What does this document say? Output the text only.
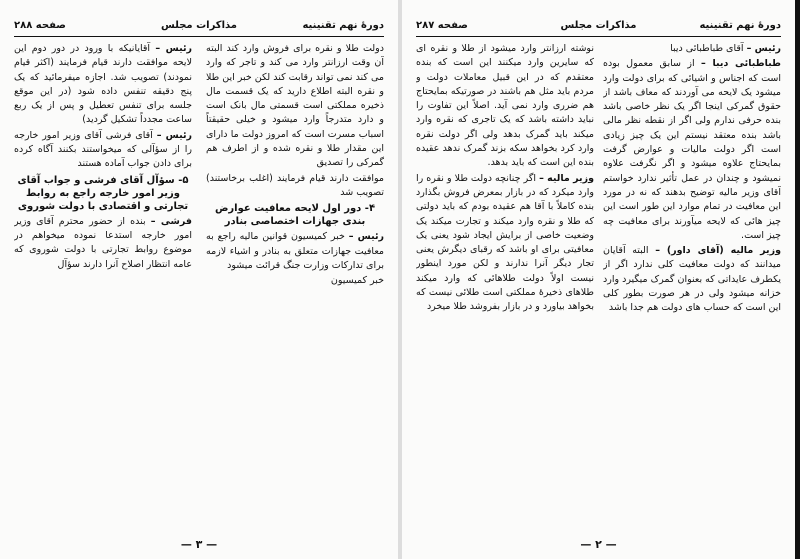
دورهٔ نهم تقنینیه
مذاکرات مجلس
صفحه ۲۸۸

دولت طلا و نقره برای فروش وارد کند البته آن وقت ارزانتر وارد می کند و تاجر که وارد می کند نمی تواند رقابت کند لکن خبر این طلا و نقره البته اطلاع دارید که یک قسمت مال ذخیره مملکتی است قسمتی مال بانک است و دارد متدرجاً وارد میشود و خیلی حقیقتاً اسباب مسرت است که امروز دولت ما دارای این مقدار طلا و نقره شده و از اطرف هم گمرکی را تصدیق

موافقت دارند قیام فرمایند (اغلب برخاستند) تصویب شد

۴- دور اول لایحه معافیت عوارض بندی جهازات اختصاصی بنادر

رئیس – خبر کمیسیون قوانین مالیه راجع به معافیت جهازات متعلق به بنادر و اشیاء لازمه برای تدارکات وزارت جنگ قرائت میشود

خبر کمیسیون

رئیس – آقایانیکه با ورود در دور دوم این لایحه موافقت دارند قیام فرمایند (اکثر قیام نمودند) تصویب شد. اجازه میفرمائید که یک پنج دقیقه تنفس داده شود (در این موقع جلسه برای تنفس تعطیل و پس از یک ربع ساعت مجدداً تشکیل گردید)

رئیس – آقای فرشی آقای وزیر امور خارجه را از سؤآلی که میخواستند بکنند آگاه کرده برای دادن جواب آماده هستند

۵- سؤآل آقای فرشی و جواب آقای وزیر امور خارجه راجع به روابط تجارتی و اقتصادی با دولت شوروی

فرشی – بنده از حضور محترم آقای وزیر امور خارجه استدعا نموده میخواهم در موضوع روابط تجارتی با دولت شوروی که عامه انتظار اصلاح آنرا دارند سؤآل

— ۳ —
دورهٔ نهم تقنینیه
مذاکرات مجلس
صفحه ۲۸۷

رئیس – آقای طباطبائی دیبا

طباطبائی دیبا – از سابق معمول بوده است که اجناس و اشیائی که برای دولت وارد میشود یک لایحه می آوردند که معاف باشد از حقوق گمرکی اینجا اگر یک نظر خاصی باشد بنده حرفی ندارم ولی اگر از نقطه نظر مالی باشد بنده معتقد نیستم این یک چیز زیادی است اگر دولت مالیات و عوارض گرفت بمایحتاج علاوه میشود و اگر نگرفت علاوه نمیشود و چندان در عمل تأثیر ندارد خواستم آقای وزیر مالیه توضیح بدهند که نه در مورد این معافیت در تمام موارد این طور است این چیز هائی که لایحه میآورند برای معافیت چه چیز است.

وزیر مالیه (آقای داور) – البته آقایان میدانند که دولت معافیت کلی ندارد اگر از یکطرف عایداتی که بعنوان گمرک میگیرد وارد خزانه میشود ولی در هر صورت بطور کلی این است که حساب های دولت هم جدا باشد

نوشته ارزانتر وارد میشود از طلا و نقره ای که سایرین وارد میکنند این است که بنده معتقدم که در این قبیل معاملات دولت و مردم باید مثل هم باشند در صورتیکه بمایحتاج هم ضرری وارد نمی آید. اصلاً این تفاوت را نباید داشته باشد که یک تاجری که نقره وارد میکند باید گمرک بدهد ولی اگر دولت نقره وارد کرد بخواهد سکه بزند گمرک ندهد عقیده بنده این است که باید بدهد.

وزیر مالیه – اگر چنانچه دولت طلا و نقره را وارد میکرد که در بازار بمعرض فروش بگذارد بنده کاملاً با آقا هم عقیده بودم که باید دولتی که طلا و نقره وارد میکند و تجارت میکند یک وضعیت خاصی از برایش ایجاد شود یعنی یک معافیتی برای او باشد که رقبای دیگرش یعنی تجار دیگر آنرا ندارند و لکن مورد اینطور نیست اولاً دولت طلاهائی که وارد میکند طلاهای ذخیرهٔ مملکتی است طلائی نیست که بخواهد بیاورد و در بازار بفروشد طلا میخرد

— ۲ —
